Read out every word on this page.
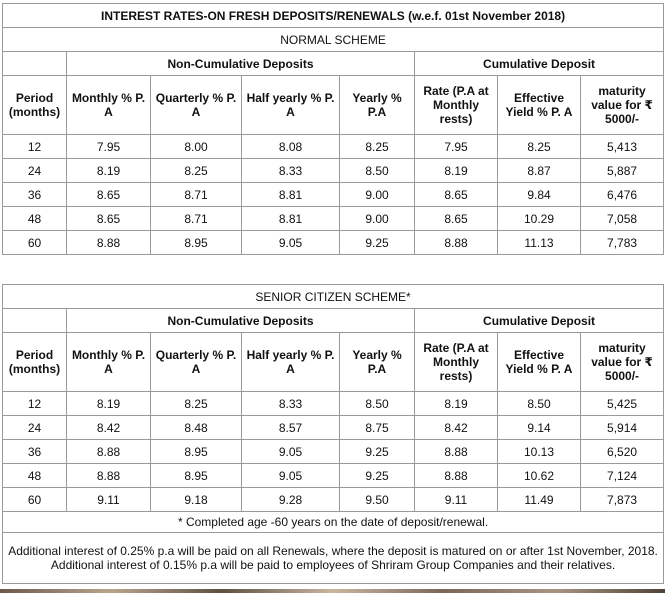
INTEREST RATES-ON FRESH DEPOSITS/RENEWALS (w.e.f. 01st November 2018)							
NORMAL SCHEME							
	Non-Cumulative Deposits				Cumulative Deposit		
Period (months)	Monthly % P. A	Quarterly % P. A	Half yearly % P. A	Yearly % P.A	Rate (P.A at Monthly rests)	Effective Yield % P. A	maturity value for ₹ 5000/-
12	7.95	8.00	8.08	8.25	7.95	8.25	5,413
24	8.19	8.25	8.33	8.50	8.19	8.87	5,887
36	8.65	8.71	8.81	9.00	8.65	9.84	6,476
48	8.65	8.71	8.81	9.00	8.65	10.29	7,058
60	8.88	8.95	9.05	9.25	8.88	11.13	7,783
SENIOR CITIZEN SCHEME*							
	Non-Cumulative Deposits				Cumulative Deposit		
Period (months)	Monthly % P. A	Quarterly % P. A	Half yearly % P. A	Yearly % P.A	Rate (P.A at Monthly rests)	Effective Yield % P. A	maturity value for ₹ 5000/-
12	8.19	8.25	8.33	8.50	8.19	8.50	5,425
24	8.42	8.48	8.57	8.75	8.42	9.14	5,914
36	8.88	8.95	9.05	9.25	8.88	10.13	6,520
48	8.88	8.95	9.05	9.25	8.88	10.62	7,124
60	9.11	9.18	9.28	9.50	9.11	11.49	7,873
* Completed age -60 years on the date of deposit/renewal.							

Additional interest of 0.25% p.a will be paid on all Renewals, where the deposit is matured on or after 1st November, 2018.
Additional interest of 0.15% p.a will be paid to employees of Shriram Group Companies and their relatives.							
